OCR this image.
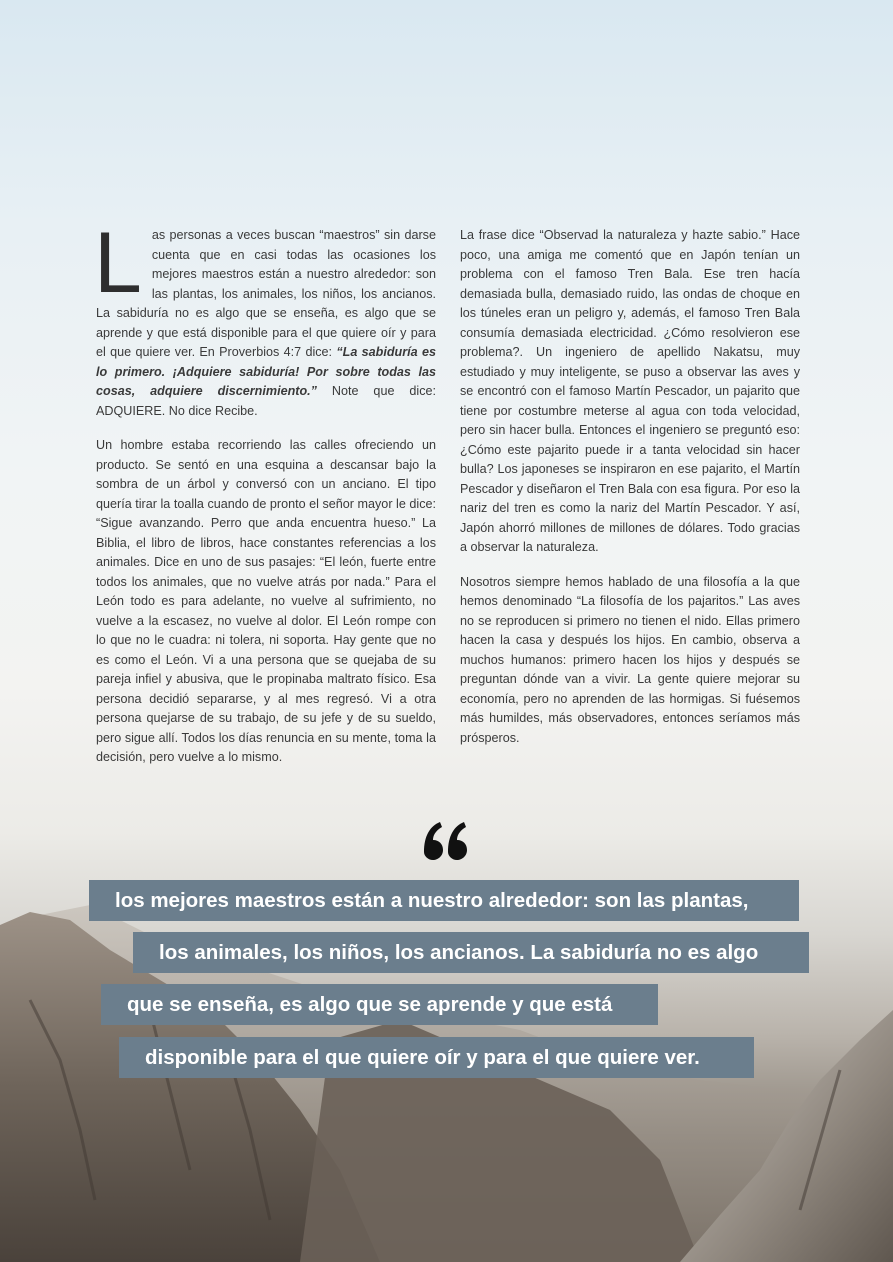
Las personas a veces buscan “maestros” sin darse cuenta que en casi todas las ocasiones los mejores maestros están a nuestro alrededor: son las plantas, los animales, los niños, los ancianos. La sabiduría no es algo que se enseña, es algo que se aprende y que está disponible para el que quiere oír y para el que quiere ver. En Proverbios 4:7 dice: “La sabiduría es lo primero. ¡Adquiere sabiduría! Por sobre todas las cosas, adquiere discernimiento.” Note que dice: ADQUIERE. No dice Recibe.

Un hombre estaba recorriendo las calles ofreciendo un producto. Se sentó en una esquina a descansar bajo la sombra de un árbol y conversó con un anciano. El tipo quería tirar la toalla cuando de pronto el señor mayor le dice: “Sigue avanzando. Perro que anda encuentra hueso.” La Biblia, el libro de libros, hace constantes referencias a los animales. Dice en uno de sus pasajes: “El león, fuerte entre todos los animales, que no vuelve atrás por nada.” Para el León todo es para adelante, no vuelve al sufrimiento, no vuelve a la escasez, no vuelve al dolor. El León rompe con lo que no le cuadra: ni tolera, ni soporta. Hay gente que no es como el León. Vi a una persona que se quejaba de su pareja infiel y abusiva, que le propinaba maltrato físico. Esa persona decidió separarse, y al mes regresó. Vi a otra persona quejarse de su trabajo, de su jefe y de su sueldo, pero sigue allí. Todos los días renuncia en su mente, toma la decisión, pero vuelve a lo mismo.

La frase dice “Observad la naturaleza y hazte sabio.” Hace poco, una amiga me comentó que en Japón tenían un problema con el famoso Tren Bala. Ese tren hacía demasiada bulla, demasiado ruido, las ondas de choque en los túneles eran un peligro y, además, el famoso Tren Bala consumía demasiada electricidad. ¿Cómo resolvieron ese problema?. Un ingeniero de apellido Nakatsu, muy estudiado y muy inteligente, se puso a observar las aves y se encontró con el famoso Martín Pescador, un pajarito que tiene por costumbre meterse al agua con toda velocidad, pero sin hacer bulla. Entonces el ingeniero se preguntó eso: ¿Cómo este pajarito puede ir a tanta velocidad sin hacer bulla? Los japoneses se inspiraron en ese pajarito, el Martín Pescador y diseñaron el Tren Bala con esa figura. Por eso la nariz del tren es como la nariz del Martín Pescador. Y así, Japón ahorró millones de millones de dólares. Todo gracias a observar la naturaleza.

Nosotros siempre hemos hablado de una filosofía a la que hemos denominado “La filosofía de los pajaritos.” Las aves no se reproducen si primero no tienen el nido. Ellas primero hacen la casa y después los hijos. En cambio, observa a muchos humanos: primero hacen los hijos y después se preguntan dónde van a vivir. La gente quiere mejorar su economía, pero no aprenden de las hormigas. Si fuésemos más humildes, más observadores, entonces seríamos más prósperos.

los mejores maestros están a nuestro alrededor: son las plantas,
los animales, los niños, los ancianos. La sabiduría no es algo
que se enseña, es algo que se aprende y que está
disponible para el que quiere oír y para el que quiere ver.
